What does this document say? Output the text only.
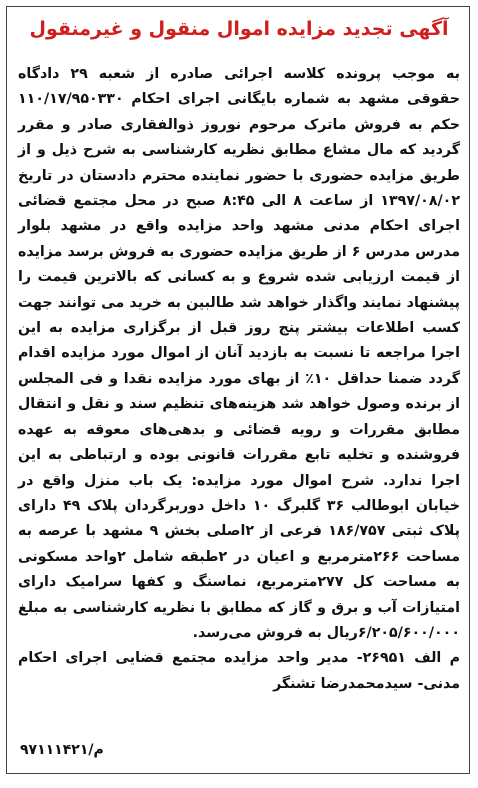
آگهی تجدید مزایده اموال منقول و غیرمنقول

به موجب پرونده کلاسه اجرائی صادره از شعبه ۲۹ دادگاه حقوقی مشهد به شماره بایگانی اجرای احکام ۱۱۰/۱۷/۹۵۰۳۳۰ حکم به فروش ماترک مرحوم نوروز ذوالفقاری صادر و مقرر گردید که مال مشاع مطابق نظریه کارشناسی به شرح ذیل و از طریق مزایده حضوری با حضور نماینده محترم دادستان در تاریخ ۱۳۹۷/۰۸/۰۲ از ساعت ۸ الی ۸:۴۵ صبح در محل مجتمع قضائی اجرای احکام مدنی مشهد واحد مزایده واقع در مشهد بلوار مدرس مدرس ۶ از طریق مزایده حضوری به فروش برسد مزایده از قیمت ارزیابی شده شروع و به کسانی که بالاترین قیمت را پیشنهاد نمایند واگذار خواهد شد طالبین به خرید می توانند جهت کسب اطلاعات بیشتر پنج روز قبل از برگزاری مزایده به این اجرا مراجعه تا نسبت به بازدید آنان از اموال مورد مزایده اقدام گردد ضمنا حداقل ۱۰٪ از بهای مورد مزایده نقدا و فی المجلس از برنده وصول خواهد شد هزینه‌های تنظیم سند و نقل و انتقال مطابق مقررات و رویه قضائی و بدهی‌های معوقه به عهده فروشنده و تخلیه تابع مقررات قانونی بوده و ارتباطی به این اجرا ندارد. شرح اموال مورد مزایده: یک باب منزل واقع در خیابان ابوطالب ۳۶ گلبرگ ۱۰ داخل دوربرگردان پلاک ۴۹ دارای پلاک ثبتی ۱۸۶/۷۵۷ فرعی از ۲اصلی بخش ۹ مشهد با عرصه به مساحت ۲۶۶مترمربع و اعیان در ۲طبقه شامل ۲واحد مسکونی به مساحت کل ۲۷۷مترمربع، نماسنگ و کفها سرامیک دارای امتیازات آب و برق و گاز که مطابق با نظریه کارشناسی به مبلغ ۶/۲۰۵/۶۰۰/۰۰۰ریال به فروش می‌رسد.

م الف ۲۶۹۵۱- مدیر واحد مزایده مجتمع قضایی اجرای احکام مدنی- سیدمحمدرضا تشنگر

۹۷۱۱۱۴۲۱/م
